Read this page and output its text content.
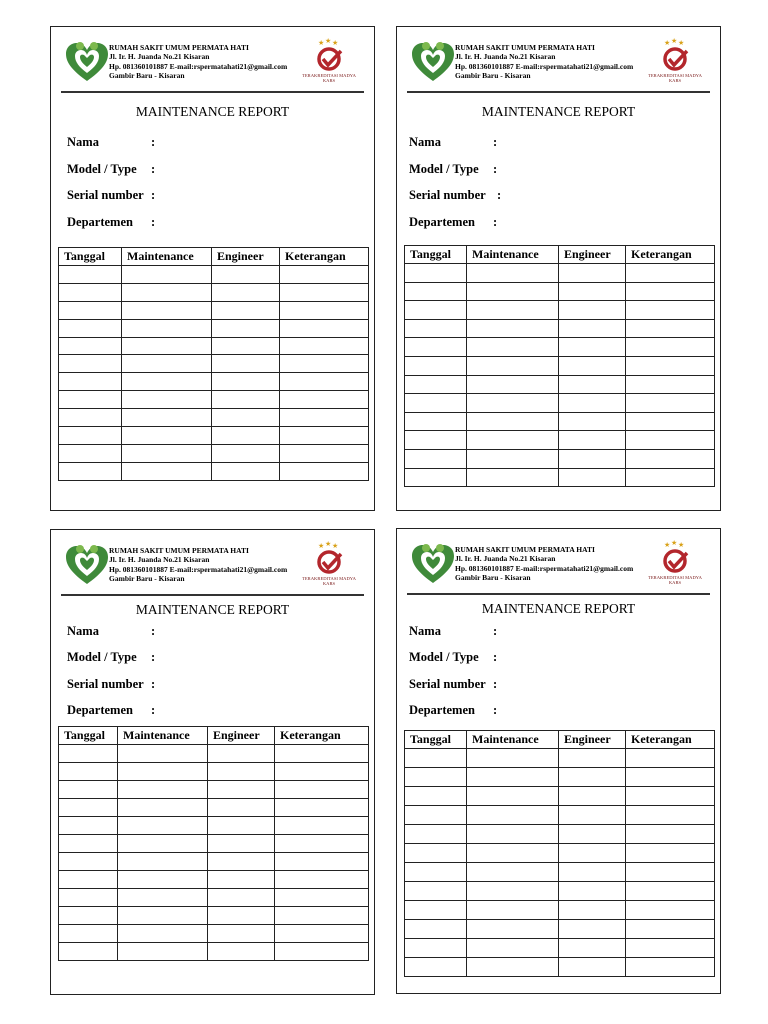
RUMAH SAKIT UMUM PERMATA HATI
Jl. Ir. H. Juanda No.21 Kisaran
Hp. 081360101887 E-mail:rspermatahati21@gmail.com
Gambir Baru - Kisaran
★ ★ ★
TERAKREDITASI MADYA
KARS
MAINTENANCE REPORT
Nama	:
Model / Type :
Serial number :
Departemen :
Tanggal	Maintenance	Engineer	Keterangan

RUMAH SAKIT UMUM PERMATA HATI
Jl. Ir. H. Juanda No.21 Kisaran
Hp. 081360101887 E-mail:rspermatahati21@gmail.com
Gambir Baru - Kisaran
★ ★ ★
TERAKREDITASI MADYA
KARS
MAINTENANCE REPORT
Nama	:
Model / Type :
Serial number :
Departemen :
Tanggal	Maintenance	Engineer	Keterangan

RUMAH SAKIT UMUM PERMATA HATI
Jl. Ir. H. Juanda No.21 Kisaran
Hp. 081360101887 E-mail:rspermatahati21@gmail.com
Gambir Baru - Kisaran
★ ★ ★
TERAKREDITASI MADYA
KARS
MAINTENANCE REPORT
Nama	:
Model / Type :
Serial number :
Departemen :
Tanggal	Maintenance	Engineer	Keterangan

RUMAH SAKIT UMUM PERMATA HATI
Jl. Ir. H. Juanda No.21 Kisaran
Hp. 081360101887 E-mail:rspermatahati21@gmail.com
Gambir Baru - Kisaran
★ ★ ★
TERAKREDITASI MADYA
KARS
MAINTENANCE REPORT
Nama	:
Model / Type :
Serial number :
Departemen :
Tanggal	Maintenance	Engineer	Keterangan
